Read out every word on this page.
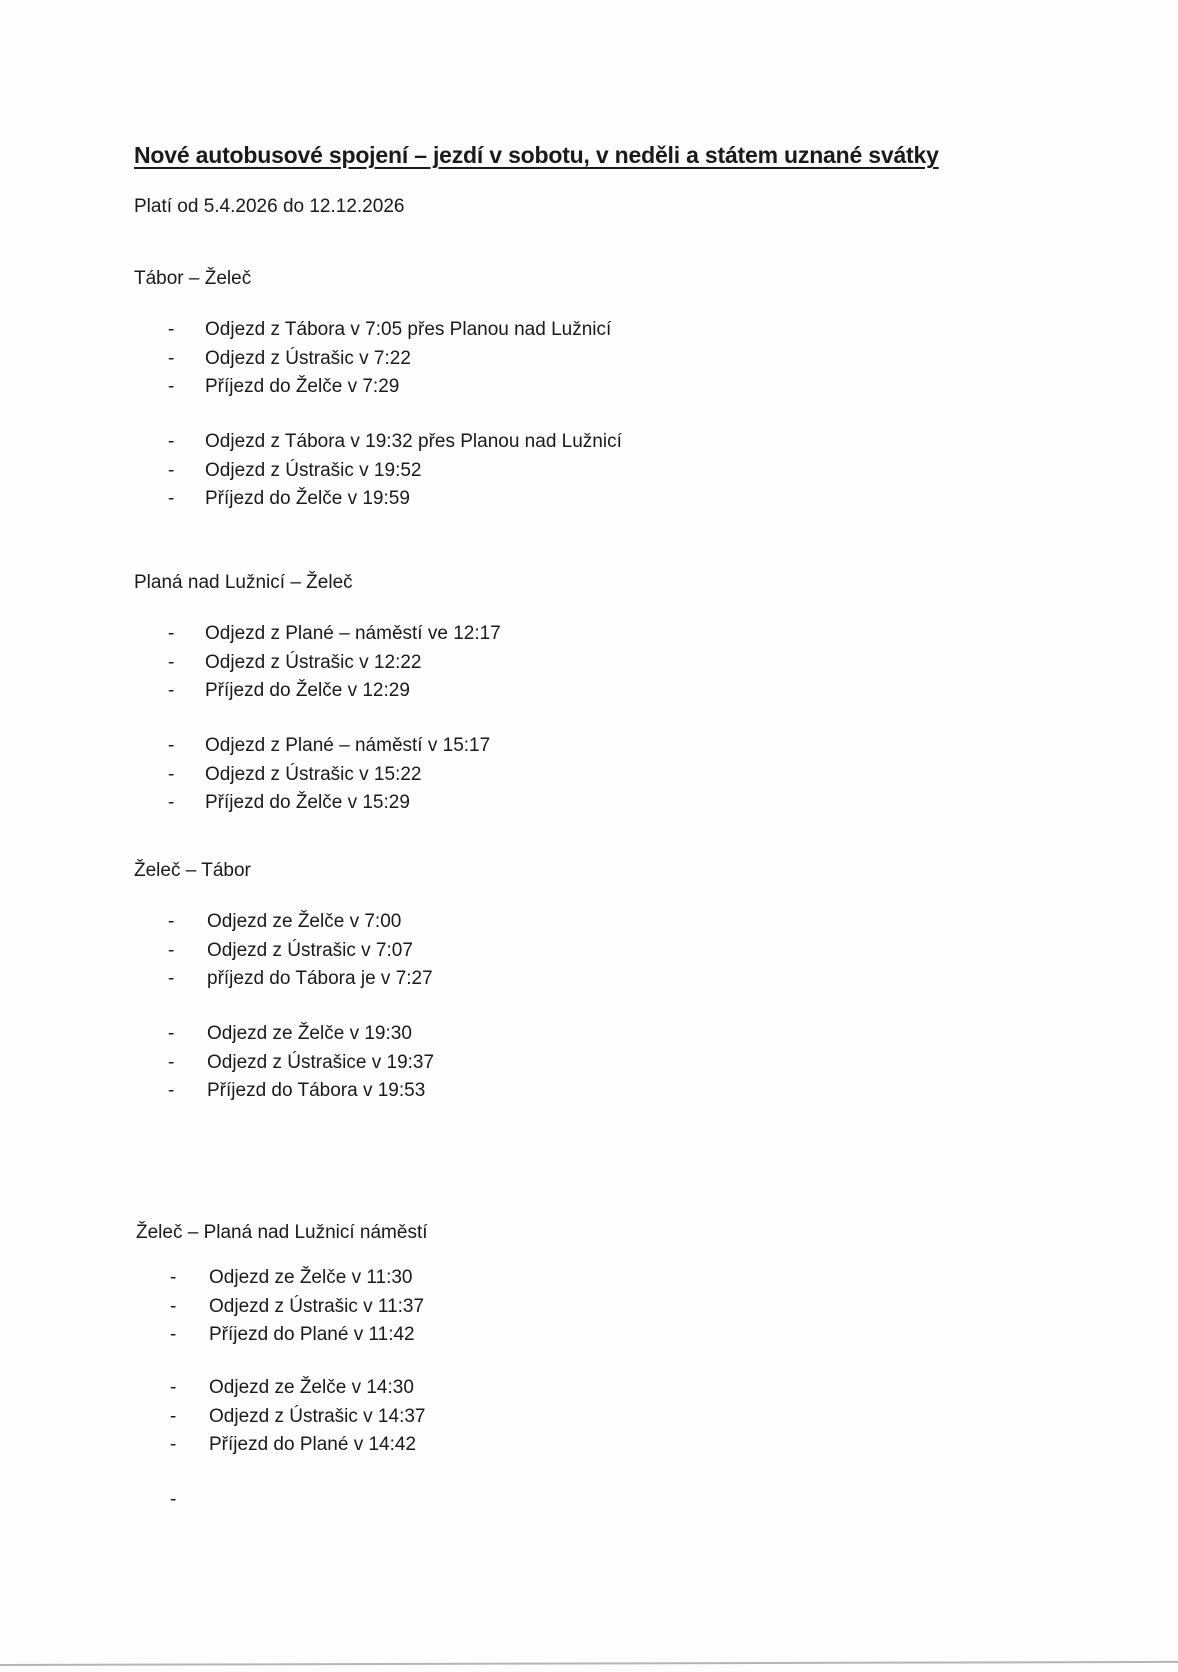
Nové autobusové spojení – jezdí v sobotu, v neděli a státem uznané svátky
Platí od 5.4.2026 do 12.12.2026
Tábor – Želeč
- Odjezd z Tábora v 7:05 přes Planou nad Lužnicí
- Odjezd z Ústrašic v 7:22
- Příjezd do Želče v 7:29
- Odjezd z Tábora v 19:32 přes Planou nad Lužnicí
- Odjezd z Ústrašic v 19:52
- Příjezd do Želče v 19:59
Planá nad Lužnicí – Želeč
- Odjezd z Plané – náměstí ve 12:17
- Odjezd z Ústrašic v 12:22
- Příjezd do Želče v 12:29
- Odjezd z Plané – náměstí v 15:17
- Odjezd z Ústrašic v 15:22
- Příjezd do Želče v 15:29
Želeč – Tábor
- Odjezd ze Želče v 7:00
- Odjezd z Ústrašic v 7:07
- příjezd do Tábora je v 7:27
- Odjezd ze Želče v 19:30
- Odjezd z Ústrašice v 19:37
- Příjezd do Tábora v 19:53
Želeč – Planá nad Lužnicí náměstí
- Odjezd ze Želče v 11:30
- Odjezd z Ústrašic v 11:37
- Příjezd do Plané v 11:42
- Odjezd ze Želče v 14:30
- Odjezd z Ústrašic v 14:37
- Příjezd do Plané v 14:42
-
